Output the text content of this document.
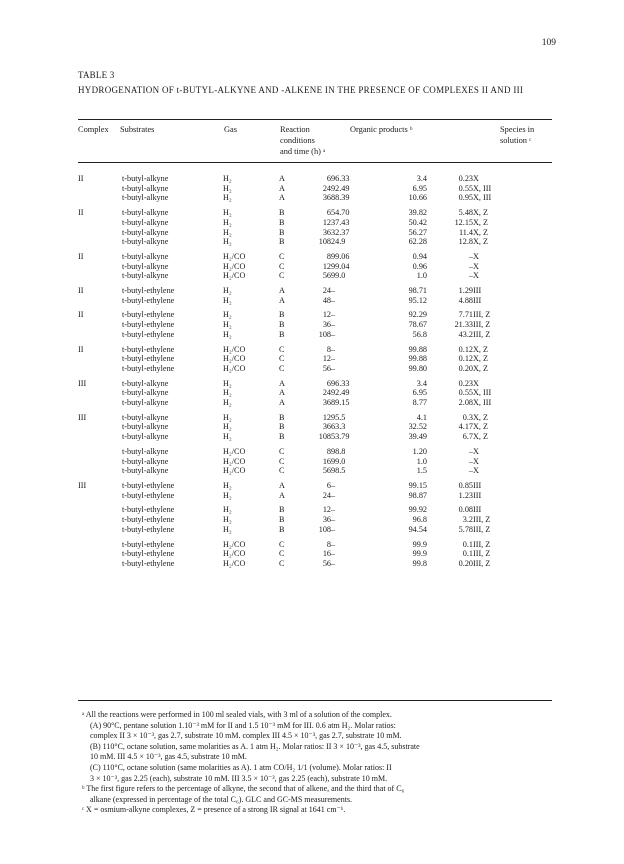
109
TABLE 3
HYDROGENATION OF t-BUTYL-ALKYNE AND -ALKENE IN THE PRESENCE OF COMPLEXES II AND III
Complex Substrates	Gas	Reaction
conditions
and time (h) ᵃ
Organic products ᵇ	Species in
solution ᶜ
II	t-butyl-alkyne	H₂	A	6	96.33	3.4	0.23	X
	t-butyl-alkyne	H₂	A	24	92.49	6.95	0.55	X, III
	t-butyl-alkyne	H₂	A	36	88.39	10.66	0.95	X, III

II	t-butyl-alkyne	H₂	B	6	54.70	39.82	5.48	X, Z
	t-butyl-alkyne	H₂	B	12	37.43	50.42	12.15	X, Z
	t-butyl-alkyne	H₂	B	36	32.37	56.27	11.4	X, Z
	t-butyl-alkyne	H₂	B	108	24.9	62.28	12.8	X, Z

II	t-butyl-alkyne	H₂/CO	C	8	99.06	0.94	–	X
	t-butyl-alkyne	H₂/CO	C	12	99.04	0.96	–	X
	t-butyl-alkyne	H₂/CO	C	56	99.0	1.0	–	X

II	t-butyl-ethylene	H₂	A	24	–	98.71	1.29	III
	t-butyl-ethylene	H₂	A	48	–	95.12	4.88	III

II	t-butyl-ethylene	H₂	B	12	–	92.29	7.71	III, Z
	t-butyl-ethylene	H₂	B	36	–	78.67	21.33	III, Z
	t-butyl-ethylene	H₂	B	108	–	56.8	43.2	III, Z

II	t-butyl-ethylene	H₂/CO	C	8	–	99.88	0.12	X, Z
	t-butyl-ethylene	H₂/CO	C	12	–	99.88	0.12	X, Z
	t-butyl-ethylene	H₂/CO	C	56	–	99.80	0.20	X, Z

III	t-butyl-alkyne	H₂	A	6	96.33	3.4	0.23	X
	t-butyl-alkyne	H₂	A	24	92.49	6.95	0.55	X, III
	t-butyl-alkyne	H₂	A	36	89.15	8.77	2.08	X, III

III	t-butyl-alkyne	H₂	B	12	95.5	4.1	0.3	X, Z
	t-butyl-alkyne	H₂	B	36	63.3	32.52	4.17	X, Z
	t-butyl-alkyne	H₂	B	108	53.79	39.49	6.7	X, Z

	t-butyl-alkyne	H₂/CO	C	8	98.8	1.20	–	X
	t-butyl-alkyne	H₂/CO	C	16	99.0	1.0	–	X
	t-butyl-alkyne	H₂/CO	C	56	98.5	1.5	–	X

III	t-butyl-ethylene	H₂	A	6	–	99.15	0.85	III
	t-butyl-ethylene	H₂	A	24	–	98.87	1.23	III

	t-butyl-ethylene	H₂	B	12	–	99.92	0.08	III
	t-butyl-ethylene	H₂	B	36	–	96.8	3.2	III, Z
	t-butyl-ethylene	H₂	B	108	–	94.54	5.78	III, Z

	t-butyl-ethylene	H₂/CO	C	8	–	99.9	0.1	III, Z
	t-butyl-ethylene	H₂/CO	C	16	–	99.9	0.1	III, Z
	t-butyl-ethylene	H₂/CO	C	56	–	99.8	0.20	III, Z

ᵃ All the reactions were performed in 100 ml sealed vials, with 3 ml of a solution of the complex.

(A) 90°C, pentane solution 1.10⁻³ mM for II and 1.5 10⁻³ mM for III. 0.6 atm H₂. Molar ratios:

complex II 3 × 10⁻³, gas 2.7, substrate 10 mM. complex III 4.5 × 10⁻³, gas 2.7, substrate 10 mM.

(B) 110°C, octane solution, same molarities as A. 1 atm H₂. Molar ratios: II 3 × 10⁻³, gas 4.5, substrate

10 mM. III 4.5 × 10⁻³, gas 4.5, substrate 10 mM.

(C) 110°C, octane solution (same molarities as A). 1 atm CO/H₂ 1/1 (volume). Molar ratios: II

3 × 10⁻³, gas 2.25 (each), substrate 10 mM. III 3.5 × 10⁻³, gas 2.25 (each), substrate 10 mM.

ᵇ The first figure refers to the percentage of alkyne, the second that of alkene, and the third that of C₆

alkane (expressed in percentage of the total C₆). GLC and GC-MS measurements.

ᶜ X = osmium-alkyne complexes, Z = presence of a strong IR signal at 1641 cm⁻¹.
